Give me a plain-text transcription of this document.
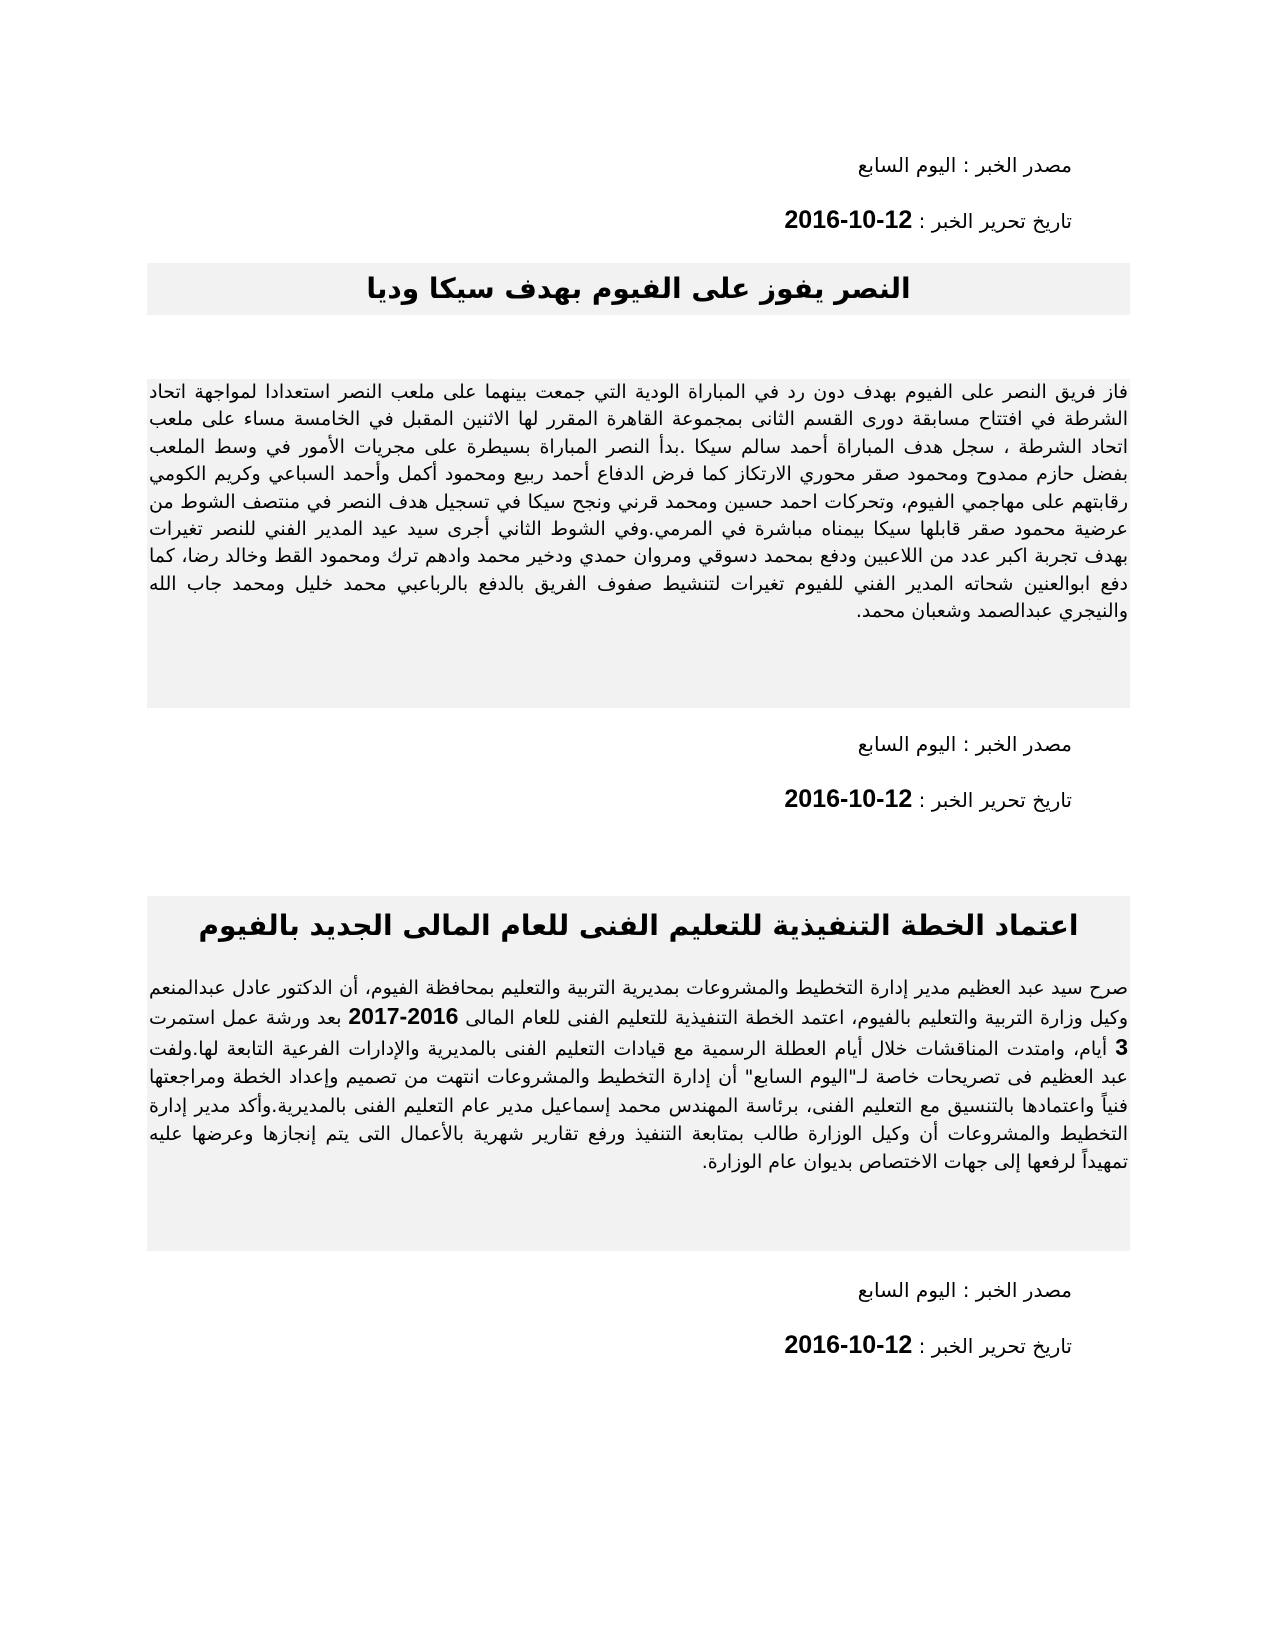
مصدر الخبر : اليوم السابع
تاريخ تحرير الخبر : 2016-10-12
النصر يفوز على الفيوم بهدف سيكا وديا
فاز فريق النصر على الفيوم بهدف دون رد في المباراة الودية التي جمعت بينهما على ملعب النصر استعدادا لمواجهة اتحاد الشرطة في افتتاح مسابقة دورى القسم الثانى بمجموعة القاهرة المقرر لها الاثنين المقبل في الخامسة مساء على ملعب اتحاد الشرطة ، سجل هدف المباراة أحمد سالم سيكا .بدأ النصر المباراة بسيطرة على مجريات الأمور في وسط الملعب بفضل حازم ممدوح ومحمود صقر محوري الارتكاز كما فرض الدفاع أحمد ربيع ومحمود أكمل وأحمد السباعي وكريم الكومي رقابتهم على مهاجمي الفيوم، وتحركات احمد حسين ومحمد قرني ونجح سيكا في تسجيل هدف النصر في منتصف الشوط من عرضية محمود صقر قابلها سيكا بيمناه مباشرة في المرمي.وفي الشوط الثاني أجرى سيد عيد المدير الفني للنصر تغيرات بهدف تجربة اكبر عدد من اللاعبين ودفع بمحمد دسوقي ومروان حمدي ودخير محمد وادهم ترك ومحمود القط وخالد رضا، كما دفع ابوالعنين شحاته المدير الفني للفيوم تغيرات لتنشيط صفوف الفريق بالدفع بالرباعبي محمد خليل ومحمد جاب الله والنيجري عبدالصمد وشعبان محمد.
مصدر الخبر : اليوم السابع
تاريخ تحرير الخبر : 2016-10-12
اعتماد الخطة التنفيذية للتعليم الفنى للعام المالى الجديد بالفيوم
صرح سيد عبد العظيم مدير إدارة التخطيط والمشروعات بمديرية التربية والتعليم بمحافظة الفيوم، أن الدكتور عادل عبدالمنعم وكيل وزارة التربية والتعليم بالفيوم، اعتمد الخطة التنفيذية للتعليم الفنى للعام المالى 2016-2017 بعد ورشة عمل استمرت 3 أيام، وامتدت المناقشات خلال أيام العطلة الرسمية مع قيادات التعليم الفنى بالمديرية والإدارات الفرعية التابعة لها.ولفت عبد العظيم فى تصريحات خاصة لـ"اليوم السابع" أن إدارة التخطيط والمشروعات انتهت من تصميم وإعداد الخطة ومراجعتها فنياً واعتمادها بالتنسيق مع التعليم الفنى، برئاسة المهندس محمد إسماعيل مدير عام التعليم الفنى بالمديرية.وأكد مدير إدارة التخطيط والمشروعات أن وكيل الوزارة طالب بمتابعة التنفيذ ورفع تقارير شهرية بالأعمال التى يتم إنجازها وعرضها عليه تمهيداً لرفعها إلى جهات الاختصاص بديوان عام الوزارة.
مصدر الخبر : اليوم السابع
تاريخ تحرير الخبر : 2016-10-12
